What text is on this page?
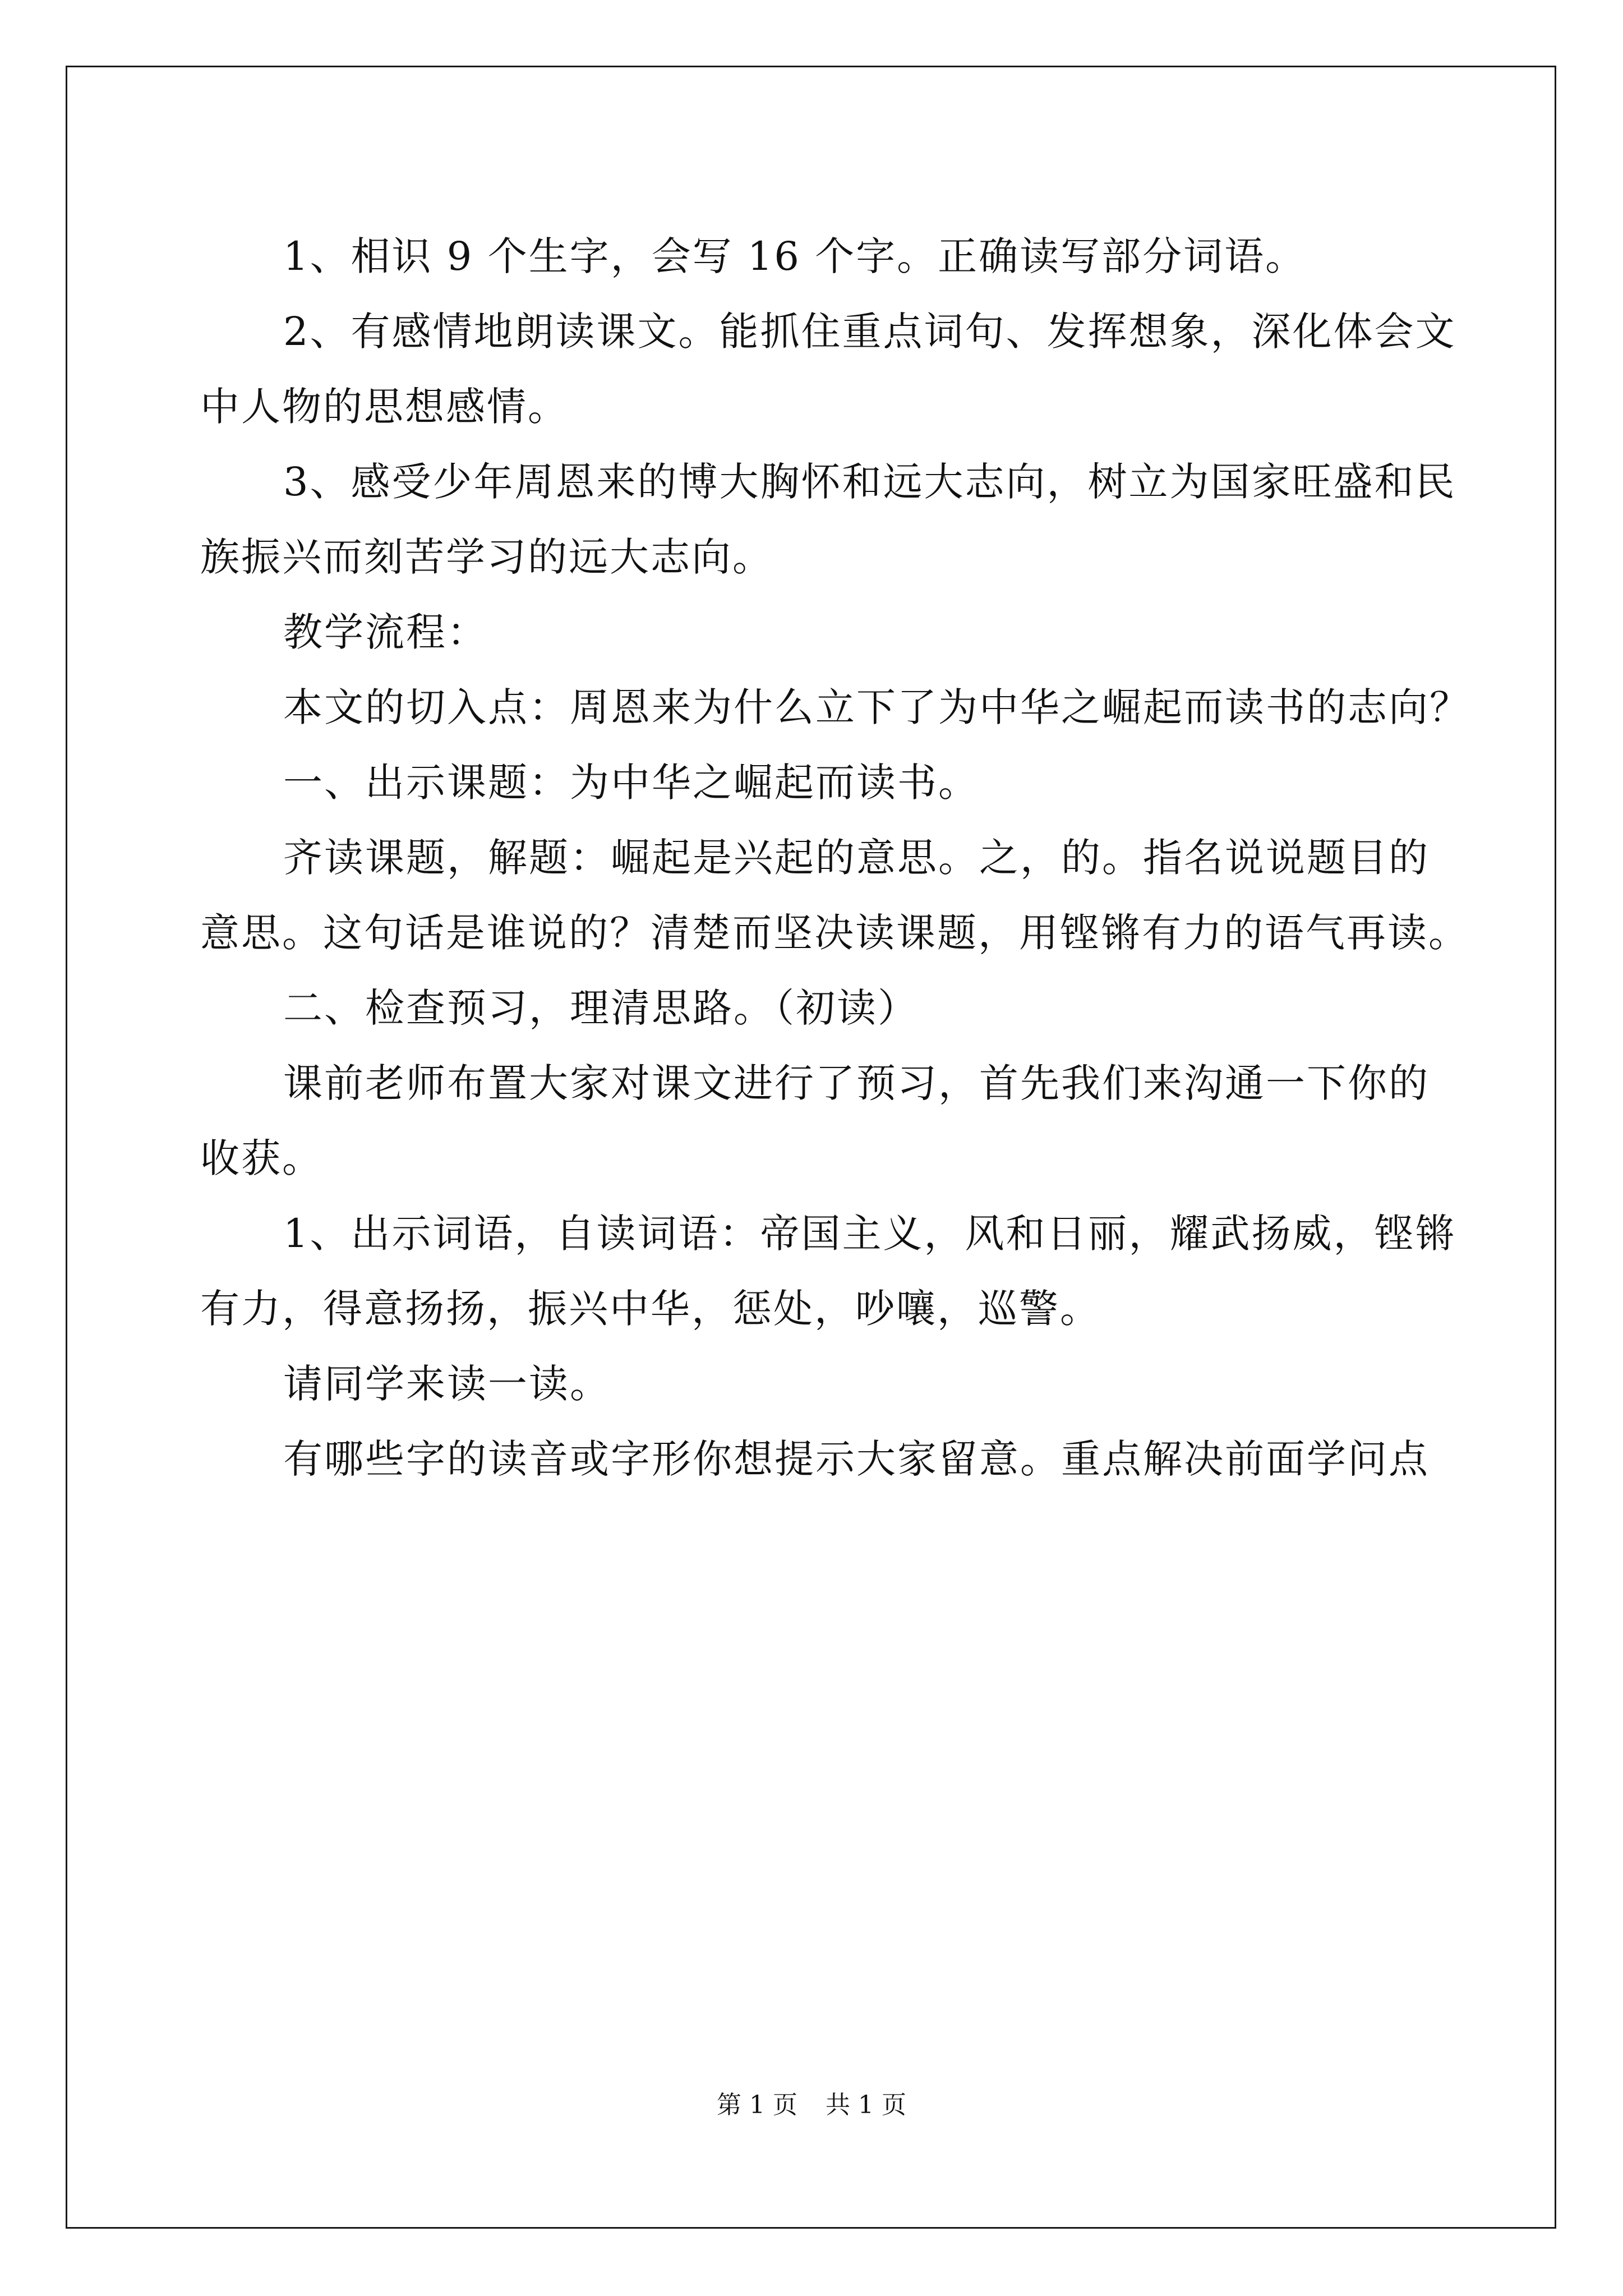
1、相识 9 个生字，会写 16 个字。正确读写部分词语。

2、有感情地朗读课文。能抓住重点词句、发挥想象，深化体会文
中人物的思想感情。

3、感受少年周恩来的博大胸怀和远大志向，树立为国家旺盛和民
族振兴而刻苦学习的远大志向。

教学流程：

本文的切入点：周恩来为什么立下了为中华之崛起而读书的志向？

一、出示课题：为中华之崛起而读书。

齐读课题，解题：崛起是兴起的意思。之，的。指名说说题目的
意思。这句话是谁说的？清楚而坚决读课题，用铿锵有力的语气再读。

二、检查预习，理清思路。（初读）

课前老师布置大家对课文进行了预习，首先我们来沟通一下你的
收获。

1、出示词语，自读词语：帝国主义，风和日丽，耀武扬威，铿锵
有力，得意扬扬，振兴中华，惩处，吵嚷，巡警。

请同学来读一读。

有哪些字的读音或字形你想提示大家留意。重点解决前面学问点

第 1 页 共 1 页
